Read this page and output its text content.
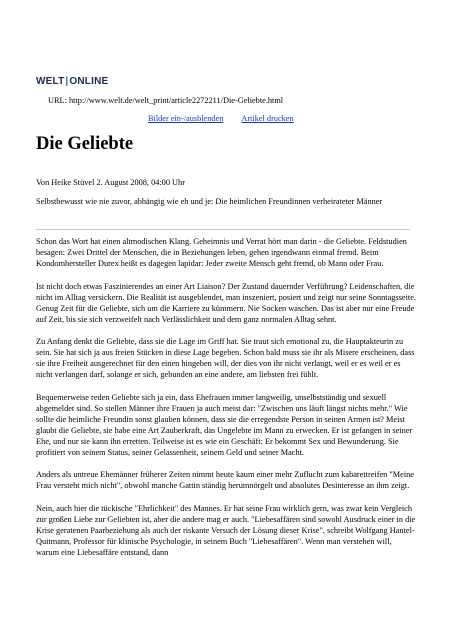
WELT|ONLINE
URL: http://www.welt.de/welt_print/article2272211/Die-Geliebte.html
Bilder ein-/ausblenden Artikel drucken
Die Geliebte
Von Heike Stüvel 2. August 2008, 04:00 Uhr
Selbstbewusst wie nie zuvor, abhängig wie eh und je: Die heimlichen Freundinnen verheirateter Männer

Schon das Wort hat einen altmodischen Klang. Geheimnis und Verrat hört man darin - die Geliebte. Feldstudien besagen: Zwei Drittel der Menschen, die in Beziehungen leben, gehen irgendwann einmal fremd. Beim Kondomhersteller Durex heißt es dagegen lapidar: Jeder zweite Mensch geht fremd, ob Mann oder Frau.

Ist nicht doch etwas Faszinierendes an einer Art Liaison? Der Zustand dauernder Verführung? Leidenschaften, die nicht im Alltag versickern. Die Realität ist ausgeblendet, man inszeniert, posiert und zeigt nur seine Sonntagsseite. Genug Zeit für die Geliebte, sich um die Karriere zu kümmern. Nie Socken waschen. Das ist aber nur eine Freude auf Zeit, bis sie sich verzweifelt nach Verlässlichkeit und dem ganz normalen Alltag sehnt.

Zu Anfang denkt die Geliebte, dass sie die Lage im Griff hat. Sie traut sich emotional zu, die Hauptakteurin zu sein. Sie hat sich ja aus freien Stücken in diese Lage begeben. Schon bald muss sie ihr als Misere erscheinen, dass sie ihre Freiheit ausgerechnet für den einen hingeben will, der dies von ihr nicht verlangt, weil er es weil er es nicht verlangen darf, solange er sich, gebunden an eine andere, am liebsten frei fühlt.

Bequemerweise reden Geliebte sich ja ein, dass Ehefrauen immer langweilig, unselbstständig und sexuell abgemeldet sind. So stellen Männer ihre Frauen ja auch meist dar: "Zwischen uns läuft längst nichts mehr." Wie sollte die heimliche Freundin sonst glauben können, dass sie die erregendste Person in seinen Armen ist? Meist glaubt die Geliebte, sie habe eine Art Zauberkraft, das Ungelebte im Mann zu erwecken. Er ist gefangen in seiner Ehe, und nur sie kann ihn erretten. Teilweise ist es wie ein Geschäft: Er bekommt Sex und Bewunderung. Sie profitiert von seinem Status, seiner Gelassenheit, seinem Geld und seiner Macht.

Anders als untreue Ehemänner früherer Zeiten nimmt heute kaum einer mehr Zuflucht zum kabarettreifen "Meine Frau versteht mich nicht", obwohl manche Gattin ständig herumnörgelt und absolutes Desinteresse an ihm zeigt.

Nein, auch hier die tückische "Ehrlichkeit" des Mannes. Er hat seine Frau wirklich gern, was zwar kein Vergleich zur großen Liebe zur Geliebten ist, aber die andere mag er auch. "Liebesaffären sind sowohl Ausdruck einer in die Krise geratenen Paarbeziehung als auch der riskante Versuch der Lösung dieser Krise", schreibt Wolfgang Hantel-Quitmann, Professor für klinische Psychologie, in seinem Buch "Liebesaffären". Wenn man verstehen will, warum eine Liebesaffäre entstand, dann
